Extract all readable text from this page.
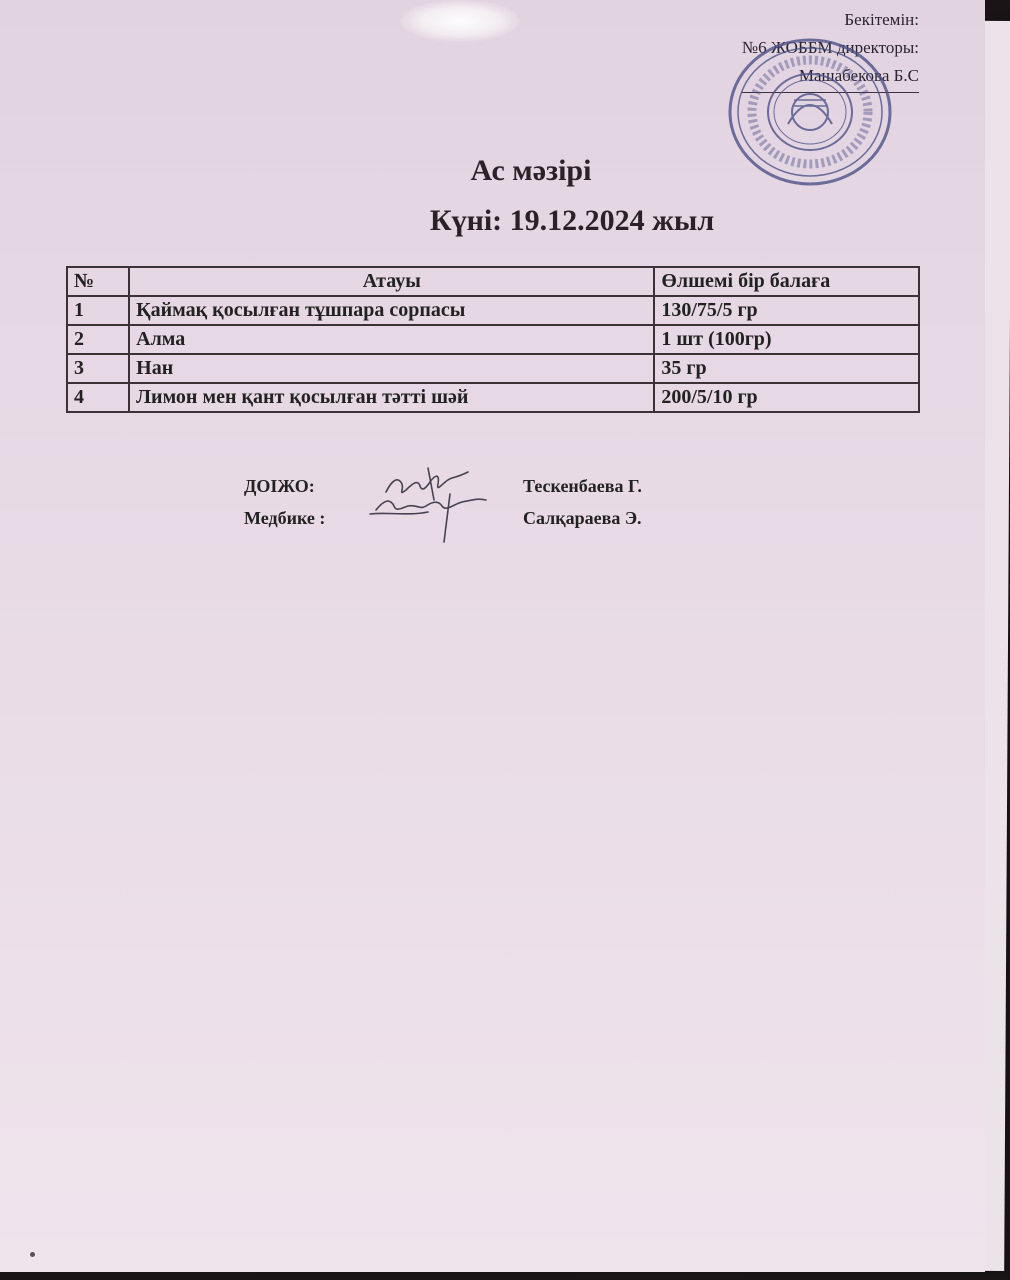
Бекітемін:
№6 ЖОББМ директоры:
Машабекова Б.С
Ас мәзірі
Күні: 19.12.2024 жыл
№	Атауы	Өлшемі бір балаға
1	Қаймақ қосылған тұшпара сорпасы	130/75/5 гр
2	Алма	1 шт (100гр)
3	Нан	35 гр
4	Лимон мен қант қосылған тәтті шәй	200/5/10 гр
ДОІЖО:	Тескенбаева Г.
Медбике :	Салқараева Э.
